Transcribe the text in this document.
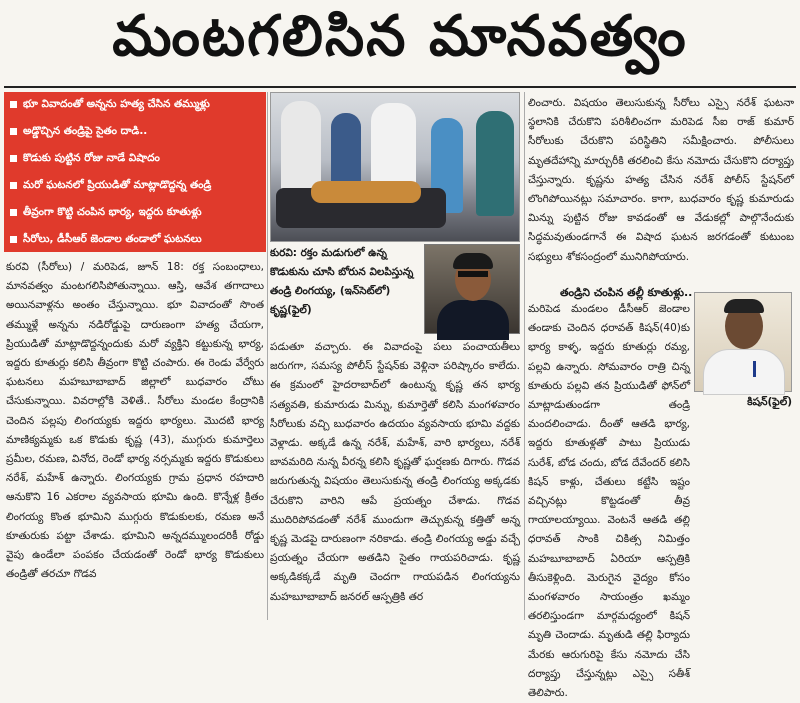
మంటగలిసిన మానవత్వం
భూ వివాదంతో అన్నను హత్య చేసిన తమ్ముళ్లు
అడ్డొచ్చిన తండ్రిపై సైతం దాడి..
కొడుకు పుట్టిన రోజు నాడే విషాదం
మరో ఘటనలో ప్రియుడితో మాట్లాడొద్దన్న తండ్రి
తీవ్రంగా కొట్టి చంపిన భార్య, ఇద్దరు కూతుళ్లు
సీరోలు, డీసీఆర్ జెండాల తండాలో ఘటనలు

కురవి (సీరోలు) / మరిపెడ, జూన్ 18: రక్త సంబంధాలు, మానవత్వం మంటగలిసిపోతున్నాయి. ఆస్తి, ఆవేశ తగాదాలు అయినవాళ్లను అంతం చేస్తున్నాయి. భూ వివాదంతో సొంత తమ్ముళ్లే అన్నను నడిరోడ్డుపై దారుణంగా హత్య చేయగా, ప్రియుడితో మాట్లాడొద్దన్నందుకు మరో వ్యక్తిని కట్టుకున్న భార్య, ఇద్దరు కూతుర్లు కలిసి తీవ్రంగా కొట్టి చంపారు. ఈ రెండు వేర్వేరు ఘటనలు మహబూబాబాద్ జిల్లాలో బుధవారం చోటు చేసుకున్నాయి. వివరాల్లోకి వెళితే.. సీరోలు మండల కేంద్రానికి చెందిన పల్లపు లింగయ్యకు ఇద్దరు భార్యలు. మొదటి భార్య మాణిక్యమ్మకు ఒక కొడుకు కృష్ణ (43), ముగ్గురు కుమార్తెలు ప్రమీల, రమణ, వినోద, రెండో భార్య నర్సమ్మకు ఇద్దరు కొడుకులు నరేశ్, మహేశ్ ఉన్నారు. లింగయ్యకు గ్రామ ప్రధాన రహదారి ఆనుకొని 16 ఎకరాల వ్యవసాయ భూమి ఉంది. కొన్నేళ్ల క్రితం లింగయ్య కొంత భూమిని ముగ్గురు కొడుకులకు, రమణ అనే కూతురుకు పట్టా చేశాడు. భూమిని అన్నదమ్ములందరికీ రోడ్డు వైపు ఉండేలా పంపకం చేయడంతో రెండో భార్య కొడుకులు తండ్రితో తరచూ గొడవ

కురవి: రక్తం మడుగులో ఉన్న కొడుకును చూసి బోరున విలపిస్తున్న తండ్రి లింగయ్య, (ఇన్‌సెట్‌లో) కృష్ణ(ఫైల్)

పడుతూ వచ్చారు. ఈ వివాదంపై పలు పంచాయతీలు జరుగగా, సమస్య పోలీస్ స్టేషన్‌కు వెళ్లినా పరిష్కారం కాలేదు. ఈ క్రమంలో హైదరాబాద్‌లో ఉంటున్న కృష్ణ తన భార్య సత్యవతి, కుమారుడు మిన్ను, కుమార్తెతో కలిసి మంగళవారం సీరోలుకు వచ్చి బుధవారం ఉదయం వ్యవసాయ భూమి వద్దకు వెళ్లాడు. అక్కడే ఉన్న నరేశ్, మహేశ్, వారి భార్యలు, నరేశ్ బావమరిది నున్న వీరన్న కలిసి కృష్ణతో ఘర్షణకు దిగారు. గొడవ జరుగుతున్న విషయం తెలుసుకున్న తండ్రి లింగయ్య అక్కడకు చేరుకొని వారిని ఆపే ప్రయత్నం చేశాడు. గొడవ ముదిరిపోవడంతో నరేశ్ ముందుగా తెచ్చుకున్న కత్తితో అన్న కృష్ణ మెడపై దారుణంగా నరికాడు. తండ్రి లింగయ్య అడ్డు వచ్చే ప్రయత్నం చేయగా అతడిని సైతం గాయపరిచాడు. కృష్ణ అక్కడికక్కడే మృతి చెందగా గాయపడిన లింగయ్యను మహబూబాబాద్ జనరల్ ఆస్పత్రికి తర

లించారు. విషయం తెలుసుకున్న సీరోలు ఎస్సై నరేశ్ ఘటనా స్థలానికి చేరుకొని పరిశీలించగా మరిపెడ సీఐ రాజ్ కుమార్ సీరోలుకు చేరుకొని పరిస్థితిని సమీక్షించారు. పోలీసులు మృతదేహాన్ని మార్చురీకి తరలించి కేసు నమోదు చేసుకొని దర్యాప్తు చేస్తున్నారు. కృష్ణను హత్య చేసిన నరేశ్ పోలీస్ స్టేషన్‌లో లొంగిపోయినట్లు సమాచారం. కాగా, బుధవారం కృష్ణ కుమారుడు మిన్ను పుట్టిన రోజు కావడంతో ఆ వేడుకల్లో పాల్గొనేందుకు సిద్ధమవుతుండగానే ఈ విషాద ఘటన జరగడంతో కుటుంబ సభ్యులు శోకసంద్రంలో మునిగిపోయారు.

తండ్రిని చంపిన తల్లీ కూతుళ్లు..

మరిపెడ మండలం డీసీఆర్ జెండాల తండాకు చెందిన ధరావత్ కిషన్(40)కు భార్య కాళ్ళ, ఇద్దరు కూతుర్లు రమ్య, పల్లవి ఉన్నారు. సోమవారం రాత్రి చిన్న కూతురు పల్లవి తన ప్రియుడితో ఫోన్‌లో మాట్లాడుతుండగా తండ్రి మందలించాడు. దీంతో ఆతడి భార్య, ఇద్దరు కూతుళ్లతో పాటు ప్రియుడు సురేశ్, బోడ చందు, బోడ దేవేందర్ కలిసి కిషన్ కాళ్లు, చేతులు కట్టేసి ఇష్టం వచ్చినట్లు కొట్టడంతో తీవ్ర గాయాలయ్యాయి. వెంటనే ఆతడి తల్లి ధరావత్ సాంకి చికిత్స నిమిత్తం మహబూబాబాద్ ఏరియా ఆస్పత్రికి తీసుకెళ్లింది. మెరుగైన వైద్యం కోసం మంగళవారం సాయంత్రం ఖమ్మం తరలిస్తుండగా మార్గమధ్యంలో కిషన్ మృతి చెందాడు. మృతుడి తల్లి ఫిర్యాదు మేరకు ఆరుగురిపై కేసు నమోదు చేసి దర్యాప్తు చేస్తున్నట్లు ఎస్సై సతీశ్ తెలిపారు.

కిషన్(ఫైల్)
